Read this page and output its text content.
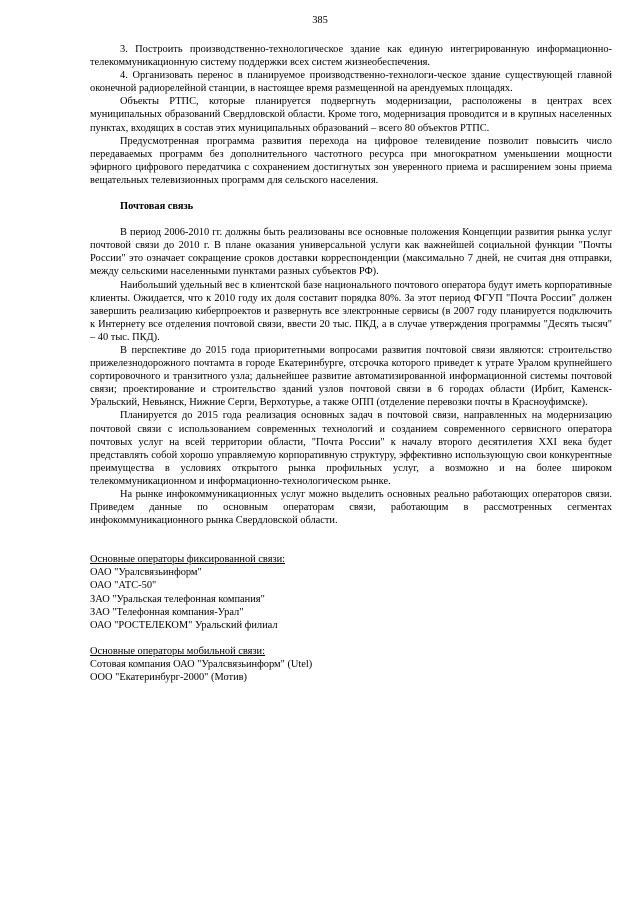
385

3. Построить производственно-технологическое здание как единую интегрированную информационно-телекоммуникационную систему поддержки всех систем жизнеобеспечения.

4. Организовать перенос в планируемое производственно-технологи-ческое здание существующей главной оконечной радиорелейной станции, в настоящее время размещенной на арендуемых площадях.

Объекты РТПС, которые планируется подвергнуть модернизации, расположены в центрах всех муниципальных образований Свердловской области. Кроме того, модернизация проводится и в крупных населенных пунктах, входящих в состав этих муниципальных образований – всего 80 объектов РТПС.

Предусмотренная программа развития перехода на цифровое телевидение позволит повысить число передаваемых программ без дополнительного частотного ресурса при многократном уменьшении мощности эфирного цифрового передатчика с сохранением достигнутых зон уверенного приема и расширением зоны приема вещательных телевизионных программ для сельского населения.

Почтовая связь

В период 2006-2010 гг. должны быть реализованы все основные положения Концепции развития рынка услуг почтовой связи до 2010 г. В плане оказания универсальной услуги как важнейшей социальной функции "Почты России" это означает сокращение сроков доставки корреспонденции (максимально 7 дней, не считая дня отправки, между сельскими населенными пунктами разных субъектов РФ).

Наибольший удельный вес в клиентской базе национального почтового оператора будут иметь корпоративные клиенты. Ожидается, что к 2010 году их доля составит порядка 80%. За этот период ФГУП "Почта России" должен завершить реализацию киберпроектов и развернуть все электронные сервисы (в 2007 году планируется подключить к Интернету все отделения почтовой связи, ввести 20 тыс. ПКД, а в случае утверждения программы "Десять тысяч" – 40 тыс. ПКД).

В перспективе до 2015 года приоритетными вопросами развития почтовой связи являются: строительство прижелезнодорожного почтамта в городе Екатеринбурге, отсрочка которого приведет к утрате Уралом крупнейшего сортировочного и транзитного узла; дальнейшее развитие автоматизированной информационной системы почтовой связи; проектирование и строительство зданий узлов почтовой связи в 6 городах области (Ирбит, Каменск-Уральский, Невьянск, Нижние Серги, Верхотурье, а также ОПП (отделение перевозки почты в Красноуфимске).

Планируется до 2015 года реализация основных задач в почтовой связи, направленных на модернизацию почтовой связи с использованием современных технологий и созданием современного сервисного оператора почтовых услуг на всей территории области, "Почта России" к началу второго десятилетия XXI века будет представлять собой хорошо управляемую корпоративную структуру, эффективно использующую свои конкурентные преимущества в условиях открытого рынка профильных услуг, а возможно и на более широком телекоммуникационном и информационно-технологическом рынке.

На рынке инфокоммуникационных услуг можно выделить основных реально работающих операторов связи. Приведем данные по основным операторам связи, работающим в рассмотренных сегментах инфокоммуникационного рынка Свердловской области.

Основные операторы фиксированной связи:

ОАО "Уралсвязьинформ"
ОАО "АТС-50"
ЗАО "Уральская телефонная компания"
ЗАО "Телефонная компания-Урал"
ОАО "РОСТЕЛЕКОМ" Уральский филиал

Основные операторы мобильной связи:

Сотовая компания ОАО "Уралсвязьинформ" (Utel)
ООО "Екатеринбург-2000" (Мотив)
